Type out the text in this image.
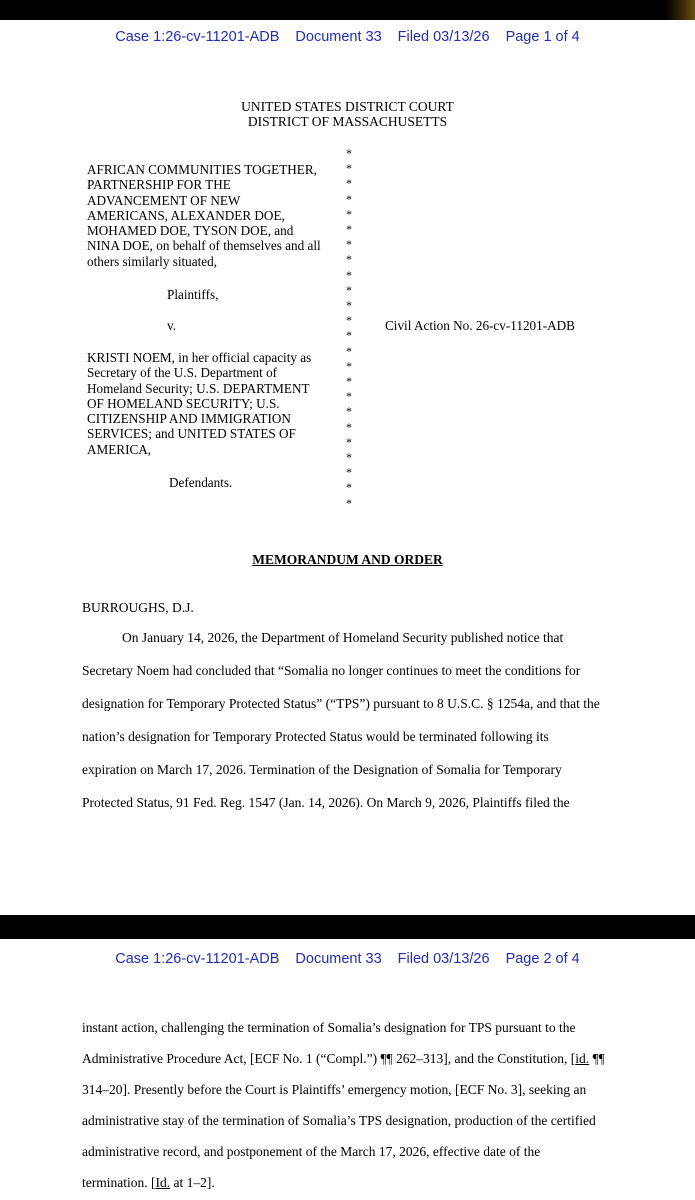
Case 1:26-cv-11201-ADB Document 33 Filed 03/13/26 Page 1 of 4
UNITED STATES DISTRICT COURT
DISTRICT OF MASSACHUSETTS
AFRICAN COMMUNITIES TOGETHER,
PARTNERSHIP FOR THE
ADVANCEMENT OF NEW
AMERICANS, ALEXANDER DOE,
MOHAMED DOE, TYSON DOE, and
NINA DOE, on behalf of themselves and all
others similarly situated,
Plaintiffs,
v.
KRISTI NOEM, in her official capacity as
Secretary of the U.S. Department of
Homeland Security; U.S. DEPARTMENT
OF HOMELAND SECURITY; U.S.
CITIZENSHIP AND IMMIGRATION
SERVICES; and UNITED STATES OF
AMERICA,
Defendants.
*
*
*
*
*
*
*
*
*
*
*
*
*
*
*
*
*
*
*
*
*
*
*
*
Civil Action No. 26-cv-11201-ADB
MEMORANDUM AND ORDER
BURROUGHS, D.J.
On January 14, 2026, the Department of Homeland Security published notice that
Secretary Noem had concluded that “Somalia no longer continues to meet the conditions for
designation for Temporary Protected Status” (“TPS”) pursuant to 8 U.S.C. § 1254a, and that the
nation’s designation for Temporary Protected Status would be terminated following its
expiration on March 17, 2026. Termination of the Designation of Somalia for Temporary
Protected Status, 91 Fed. Reg. 1547 (Jan. 14, 2026). On March 9, 2026, Plaintiffs filed the
Case 1:26-cv-11201-ADB Document 33 Filed 03/13/26 Page 2 of 4
instant action, challenging the termination of Somalia’s designation for TPS pursuant to the
Administrative Procedure Act, [ECF No. 1 (“Compl.”) ¶¶ 262–313], and the Constitution, [id. ¶¶
314–20]. Presently before the Court is Plaintiffs’ emergency motion, [ECF No. 3], seeking an
administrative stay of the termination of Somalia’s TPS designation, production of the certified
administrative record, and postponement of the March 17, 2026, effective date of the
termination. [Id. at 1–2].
